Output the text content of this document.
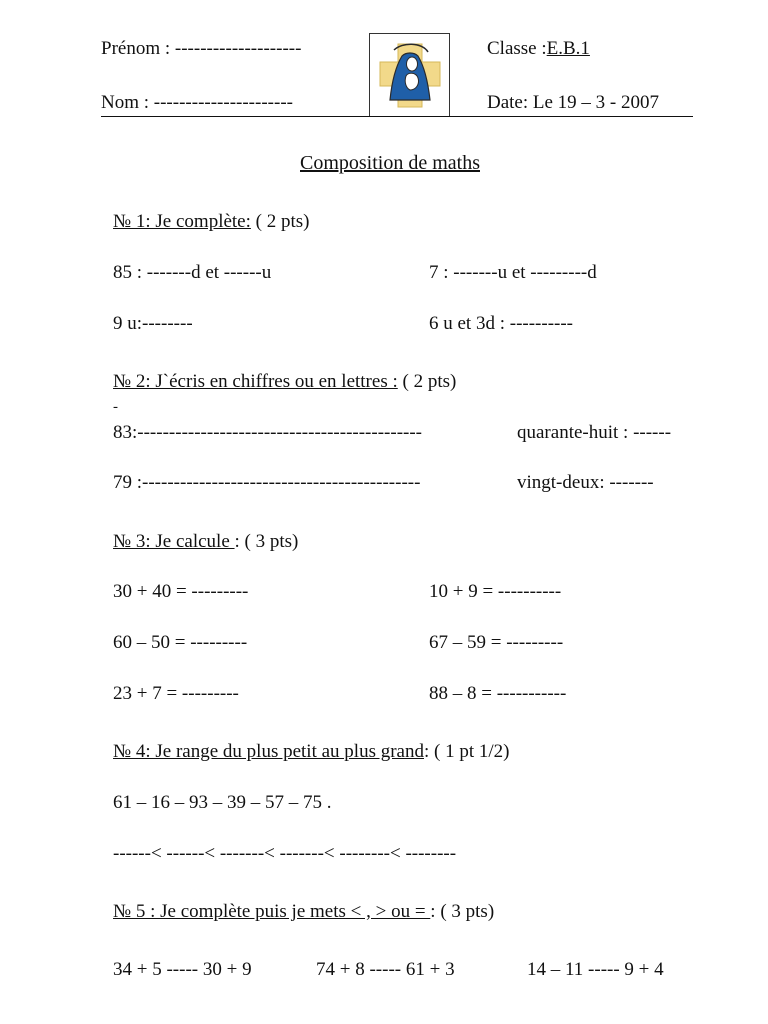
Prénom : --------------------
Nom : ----------------------
Classe :E.B.1
Date: Le 19 – 3 - 2007
Composition de maths
№ 1: Je complète: ( 2 pts)
85 : -------d et ------u	7 : -------u et ---------d
9 u:--------	6 u et 3d : ----------
№ 2: J`écris en chiffres ou en lettres : ( 2 pts)
-
83:---------------------------------------------	quarante-huit : ------
79 :--------------------------------------------	vingt-deux: -------
№ 3: Je calcule : ( 3 pts)
30 + 40 = ---------	10 + 9 = ----------
60 – 50 = ---------	67 – 59 = ---------
23 + 7 = ---------	88 – 8 = -----------
№ 4: Je range du plus petit au plus grand: ( 1 pt 1/2)
61 – 16 – 93 – 39 – 57 – 75 .
------< ------< -------< -------< --------< --------
№ 5 : Je complète puis je mets < , > ou = : ( 3 pts)
34 + 5 ----- 30 + 9	74 + 8 ----- 61 + 3	14 – 11 ----- 9 + 4
